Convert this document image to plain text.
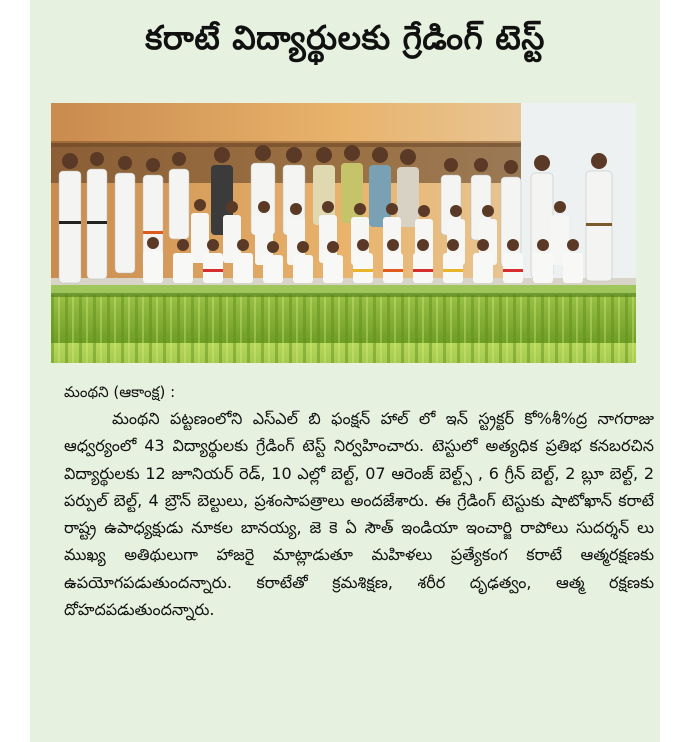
కరాటే విద్యార్థులకు గ్రేడింగ్ టెస్ట్
మంథని (ఆకాంక్ష) :
మంథని పట్టణంలోని ఎస్ఎల్ బి ఫంక్షన్ హాల్ లో ఇన్ స్ట్రక్టర్ కో%శీ%ద్ర నాగరాజు ఆధ్వర్యంలో 43 విద్యార్థులకు గ్రేడింగ్ టెస్ట్ నిర్వహించారు. టెస్టులో అత్యధిక ప్రతిభ కనబరచిన విద్యార్థులకు 12 జూనియర్ రెడ్, 10 ఎల్లో బెల్ట్, 07 ఆరెంజ్ బెల్ట్స్ , 6 గ్రీన్ బెల్ట్, 2 బ్లూ బెల్ట్, 2 పర్పుల్ బెల్ట్, 4 బ్రౌన్ బెల్టులు, ప్రశంసాపత్రాలు అందజేశారు. ఈ గ్రేడింగ్ టెస్టుకు షాటోఖాన్ కరాటే రాష్ట్ర ఉపాధ్యక్షుడు నూకల బానయ్య, జె కె ఏ సౌత్ ఇండియా ఇంచార్జి రాపోలు సుదర్శన్ లు ముఖ్య అతిథులుగా హాజరై మాట్లాడుతూ మహిళలు ప్రత్యేకంగ కరాటే ఆత్మరక్షణకు ఉపయోగపడుతుందన్నారు. కరాటేతో క్రమశిక్షణ, శరీర దృఢత్వం, ఆత్మ రక్షణకు దోహదపడుతుందన్నారు.
